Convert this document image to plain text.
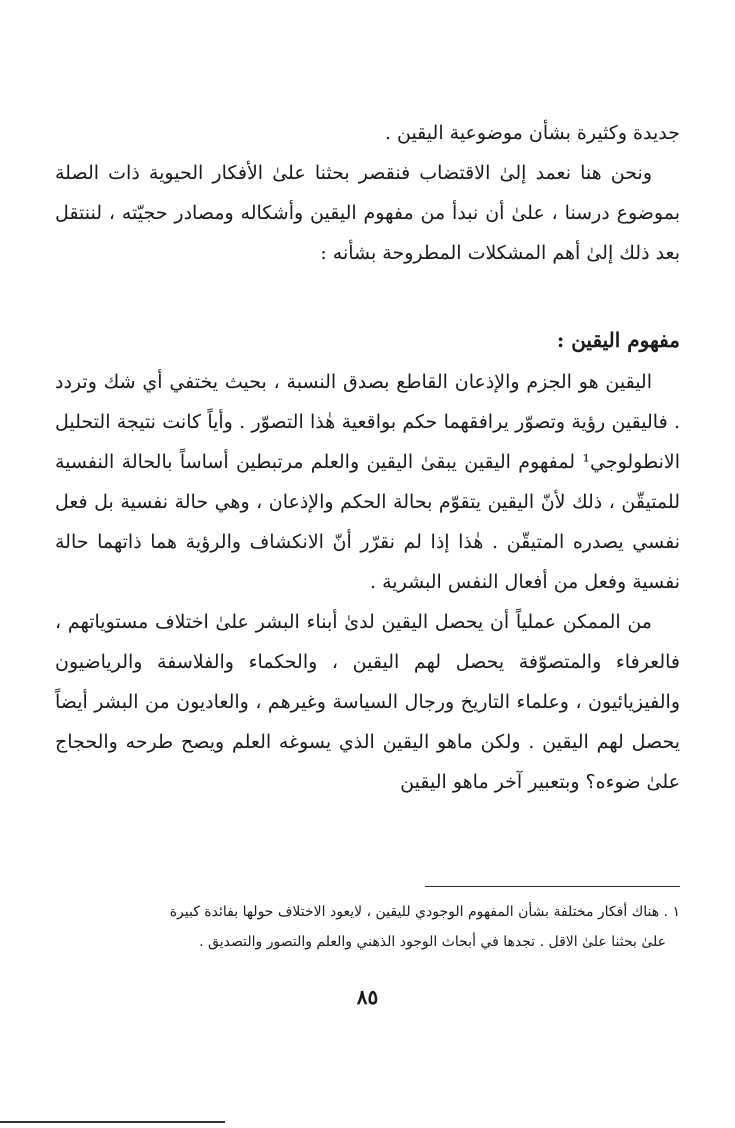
جديدة وكثيرة بشأن موضوعية اليقين .

ونحن هنا نعمد إلىٰ الاقتضاب فنقصر بحثنا علىٰ الأفكار الحيوية ذات الصلة بموضوع درسنا ، علىٰ أن نبدأ من مفهوم اليقين وأشكاله ومصادر حجيّته ، لننتقل بعد ذلك إلىٰ أهم المشكلات المطروحة بشأنه :

مفهوم اليقين :

اليقين هو الجزم والإذعان القاطع بصدق النسبة ، بحيث يختفي أي شك وتردد . فاليقين رؤية وتصوّر يرافقهما حكم بواقعية هٰذا التصوّر . وأياً كانت نتيجة التحليل الانطولوجي¹ لمفهوم اليقين يبقىٰ اليقين والعلم مرتبطين أساساً بالحالة النفسية للمتيقّن ، ذلك لأنّ اليقين يتقوّم بحالة الحكم والإذعان ، وهي حالة نفسية بل فعل نفسي يصدره المتيقّن . هٰذا إذا لم نقرّر أنّ الانكشاف والرؤية هما ذاتهما حالة نفسية وفعل من أفعال النفس البشرية .

من الممكن عملياً أن يحصل اليقين لدىٰ أبناء البشر علىٰ اختلاف مستوياتهم ، فالعرفاء والمتصوّفة يحصل لهم اليقين ، والحكماء والفلاسفة والرياضيون والفيزيائيون ، وعلماء التاريخ ورجال السياسة وغيرهم ، والعاديون من البشر أيضاً يحصل لهم اليقين . ولكن ماهو اليقين الذي يسوغه العلم ويصح طرحه والحجاج علىٰ ضوءه؟ وبتعبير آخر ماهو اليقين

١ . هناك أفكار مختلفة بشأن المفهوم الوجودي لليقين ، لايعود الاختلاف حولها بفائدة كبيرة

علىٰ بحثنا علىٰ الاقل . تجدها في أبحاث الوجود الذهني والعلم والتصور والتصديق .

٨٥
